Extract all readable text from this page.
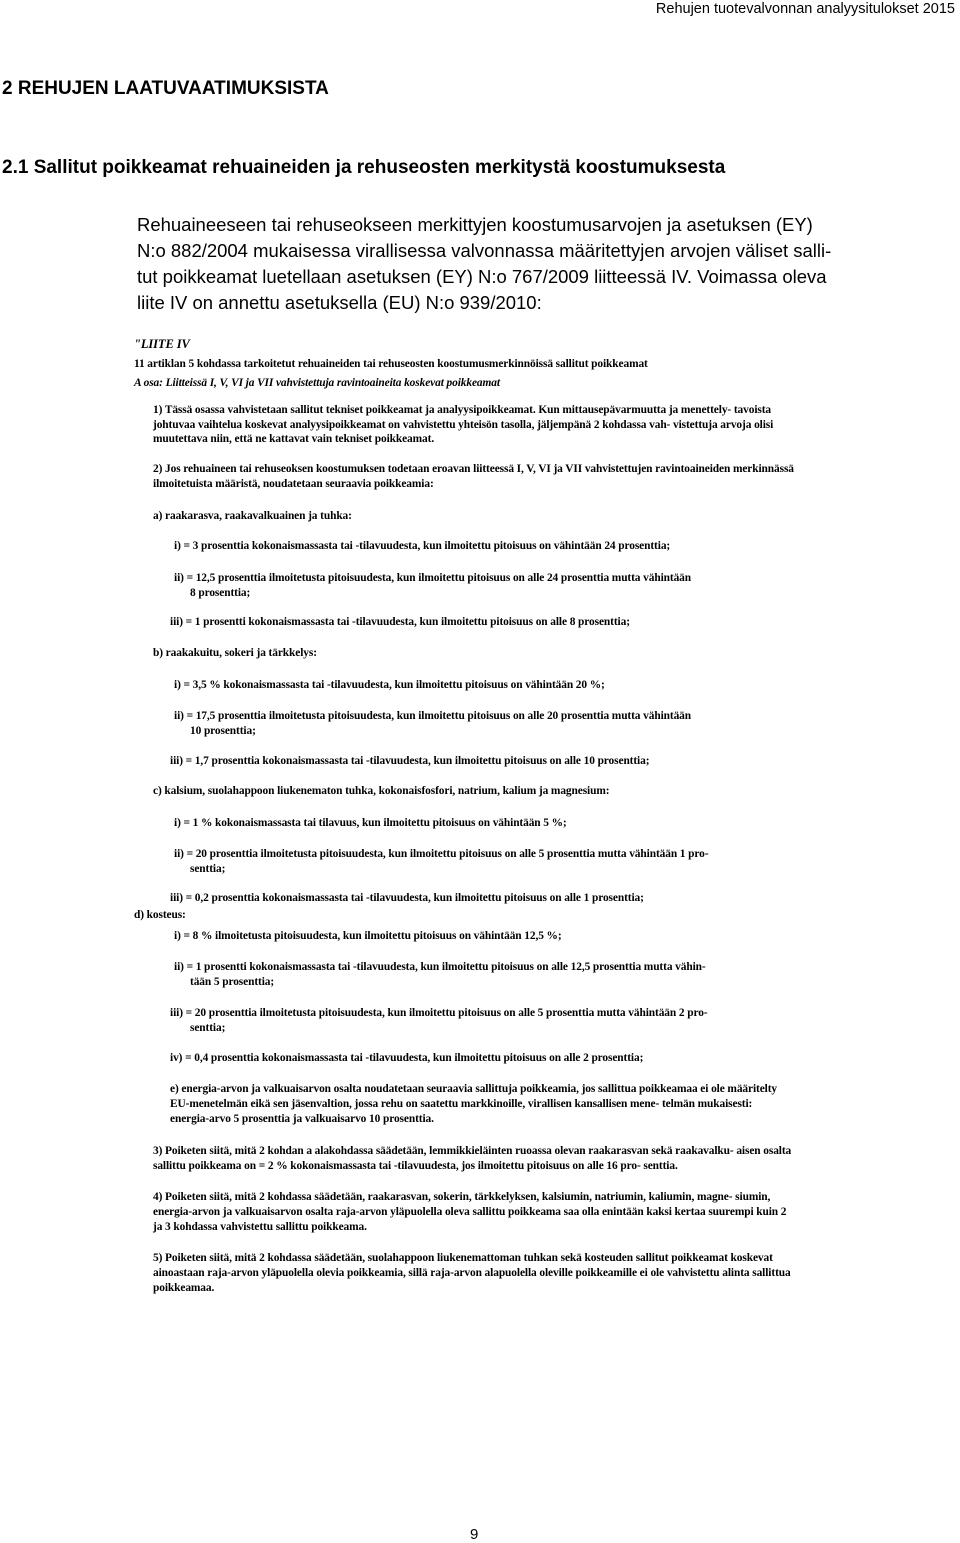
Rehujen tuotevalvonnan analyysitulokset 2015
2 REHUJEN LAATUVAATIMUKSISTA
2.1 Sallitut poikkeamat rehuaineiden ja rehuseosten merkitystä koostumuksesta

Rehuaineeseen tai rehuseokseen merkittyjen koostumusarvojen ja asetuksen (EY)
N:o 882/2004 mukaisessa virallisessa valvonnassa määritettyjen arvojen väliset salli-
tut poikkeamat luetellaan asetuksen (EY) N:o 767/2009 liitteessä IV. Voimassa oleva
liite IV on annettu asetuksella (EU) N:o 939/2010:

"LIITE IV
11 artiklan 5 kohdassa tarkoitetut rehuaineiden tai rehuseosten koostumusmerkinnöissä sallitut poikkeamat
A osa: Liitteissä I, V, VI ja VII vahvistettuja ravintoaineita koskevat poikkeamat
1) Tässä osassa vahvistetaan sallitut tekniset poikkeamat ja analyysipoikkeamat. Kun mittausepävarmuutta ja menettely- tavoista
johtuvaa vaihtelua koskevat analyysipoikkeamat on vahvistettu yhteisön tasolla, jäljempänä 2 kohdassa vah- vistettuja arvoja olisi
muutettava niin, että ne kattavat vain tekniset poikkeamat.
2) Jos rehuaineen tai rehuseoksen koostumuksen todetaan eroavan liitteessä I, V, VI ja VII vahvistettujen ravintoaineiden merkinnässä
ilmoitetuista määristä, noudatetaan seuraavia poikkeamia:
a) raakarasva, raakavalkuainen ja tuhka:
i) = 3 prosenttia kokonaismassasta tai -tilavuudesta, kun ilmoitettu pitoisuus on vähintään 24 prosenttia;
ii) = 12,5 prosenttia ilmoitetusta pitoisuudesta, kun ilmoitettu pitoisuus on alle 24 prosenttia mutta vähintään
8 prosenttia;
iii) = 1 prosentti kokonaismassasta tai -tilavuudesta, kun ilmoitettu pitoisuus on alle 8 prosenttia;
b) raakakuitu, sokeri ja tärkkelys:
i) = 3,5 % kokonaismassasta tai -tilavuudesta, kun ilmoitettu pitoisuus on vähintään 20 %;
ii) = 17,5 prosenttia ilmoitetusta pitoisuudesta, kun ilmoitettu pitoisuus on alle 20 prosenttia mutta vähintään
10 prosenttia;
iii) = 1,7 prosenttia kokonaismassasta tai -tilavuudesta, kun ilmoitettu pitoisuus on alle 10 prosenttia;
c) kalsium, suolahappoon liukenematon tuhka, kokonaisfosfori, natrium, kalium ja magnesium:
i) = 1 % kokonaismassasta tai tilavuus, kun ilmoitettu pitoisuus on vähintään 5 %;
ii) = 20 prosenttia ilmoitetusta pitoisuudesta, kun ilmoitettu pitoisuus on alle 5 prosenttia mutta vähintään 1 pro-
senttia;
iii) = 0,2 prosenttia kokonaismassasta tai -tilavuudesta, kun ilmoitettu pitoisuus on alle 1 prosenttia;
d) kosteus:
i) = 8 % ilmoitetusta pitoisuudesta, kun ilmoitettu pitoisuus on vähintään 12,5 %;
ii) = 1 prosentti kokonaismassasta tai -tilavuudesta, kun ilmoitettu pitoisuus on alle 12,5 prosenttia mutta vähin-
tään 5 prosenttia;
iii) = 20 prosenttia ilmoitetusta pitoisuudesta, kun ilmoitettu pitoisuus on alle 5 prosenttia mutta vähintään 2 pro-
senttia;
iv) = 0,4 prosenttia kokonaismassasta tai -tilavuudesta, kun ilmoitettu pitoisuus on alle 2 prosenttia;
e) energia-arvon ja valkuaisarvon osalta noudatetaan seuraavia sallittuja poikkeamia, jos sallittua poikkeamaa ei ole määritelty
EU-menetelmän eikä sen jäsenvaltion, jossa rehu on saatettu markkinoille, virallisen kansallisen mene- telmän mukaisesti:
energia-arvo 5 prosenttia ja valkuaisarvo 10 prosenttia.
3) Poiketen siitä, mitä 2 kohdan a alakohdassa säädetään, lemmikkieläinten ruoassa olevan raakarasvan sekä raakavalku- aisen osalta
sallittu poikkeama on = 2 % kokonaismassasta tai -tilavuudesta, jos ilmoitettu pitoisuus on alle 16 pro- senttia.
4) Poiketen siitä, mitä 2 kohdassa säädetään, raakarasvan, sokerin, tärkkelyksen, kalsiumin, natriumin, kaliumin, magne- siumin,
energia-arvon ja valkuaisarvon osalta raja-arvon yläpuolella oleva sallittu poikkeama saa olla enintään kaksi kertaa suurempi kuin 2
ja 3 kohdassa vahvistettu sallittu poikkeama.
5) Poiketen siitä, mitä 2 kohdassa säädetään, suolahappoon liukenemattoman tuhkan sekä kosteuden sallitut poikkeamat koskevat
ainoastaan raja-arvon yläpuolella olevia poikkeamia, sillä raja-arvon alapuolella oleville poikkeamille ei ole vahvistettu alinta sallittua
poikkeamaa.
9
